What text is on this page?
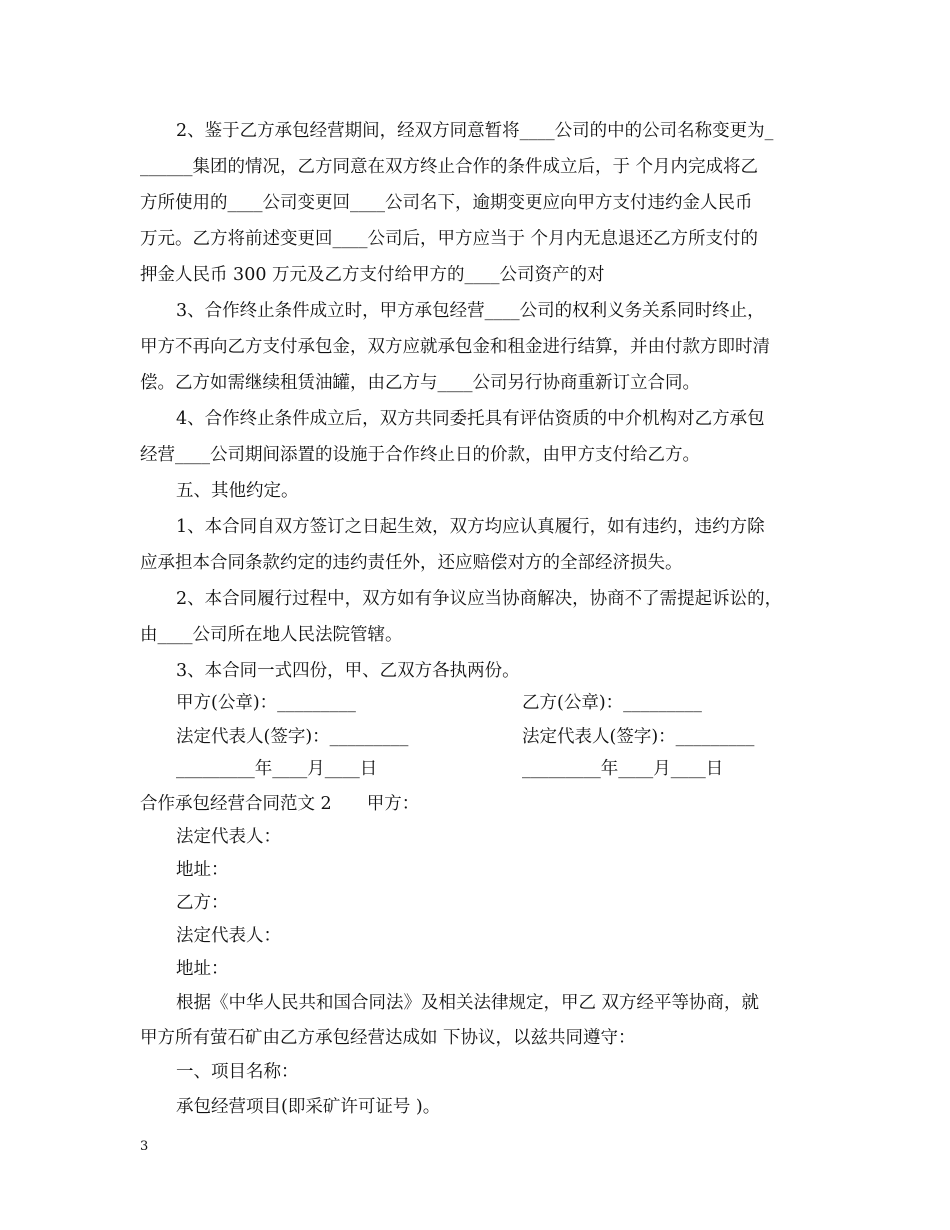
2、鉴于乙方承包经营期间，经双方同意暂将____公司的中的公司名称变更为_
______集团的情况，乙方同意在双方终止合作的条件成立后，于 个月内完成将乙
方所使用的____公司变更回____公司名下，逾期变更应向甲方支付违约金人民币
万元。乙方将前述变更回____公司后，甲方应当于 个月内无息退还乙方所支付的
押金人民币 300 万元及乙方支付给甲方的____公司资产的对
3、合作终止条件成立时，甲方承包经营____公司的权利义务关系同时终止，
甲方不再向乙方支付承包金，双方应就承包金和租金进行结算，并由付款方即时清
偿。乙方如需继续租赁油罐，由乙方与____公司另行协商重新订立合同。
4、合作终止条件成立后，双方共同委托具有评估资质的中介机构对乙方承包
经营____公司期间添置的设施于合作终止日的价款，由甲方支付给乙方。
五、其他约定。
1、本合同自双方签订之日起生效，双方均应认真履行，如有违约，违约方除
应承担本合同条款约定的违约责任外，还应赔偿对方的全部经济损失。
2、本合同履行过程中，双方如有争议应当协商解决，协商不了需提起诉讼的，
由____公司所在地人民法院管辖。
3、本合同一式四份，甲、乙双方各执两份。
甲方(公章)：_________	乙方(公章)：_________
法定代表人(签字)：_________	法定代表人(签字)：_________
_________年____月____日	_________年____月____日
合作承包经营合同范文 2　　甲方：
法定代表人：
地址：
乙方：
法定代表人：
地址：
根据《中华人民共和国合同法》及相关法律规定，甲乙 双方经平等协商，就
甲方所有萤石矿由乙方承包经营达成如 下协议，以兹共同遵守：
一、项目名称：
承包经营项目(即采矿许可证号 )。
3
